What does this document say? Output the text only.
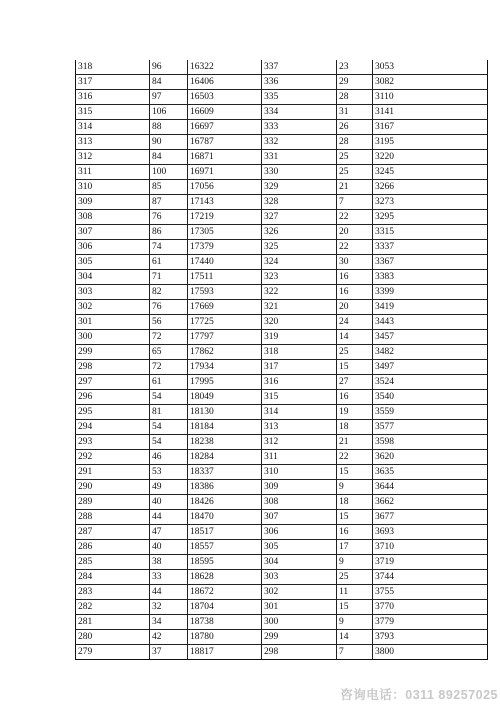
318	96	16322	337	23	3053
317	84	16406	336	29	3082
316	97	16503	335	28	3110
315	106	16609	334	31	3141
314	88	16697	333	26	3167
313	90	16787	332	28	3195
312	84	16871	331	25	3220
311	100	16971	330	25	3245
310	85	17056	329	21	3266
309	87	17143	328	7	3273
308	76	17219	327	22	3295
307	86	17305	326	20	3315
306	74	17379	325	22	3337
305	61	17440	324	30	3367
304	71	17511	323	16	3383
303	82	17593	322	16	3399
302	76	17669	321	20	3419
301	56	17725	320	24	3443
300	72	17797	319	14	3457
299	65	17862	318	25	3482
298	72	17934	317	15	3497
297	61	17995	316	27	3524
296	54	18049	315	16	3540
295	81	18130	314	19	3559
294	54	18184	313	18	3577
293	54	18238	312	21	3598
292	46	18284	311	22	3620
291	53	18337	310	15	3635
290	49	18386	309	9	3644
289	40	18426	308	18	3662
288	44	18470	307	15	3677
287	47	18517	306	16	3693
286	40	18557	305	17	3710
285	38	18595	304	9	3719
284	33	18628	303	25	3744
283	44	18672	302	11	3755
282	32	18704	301	15	3770
281	34	18738	300	9	3779
280	42	18780	299	14	3793
279	37	18817	298	7	3800
咨询电话：0311 89257025
